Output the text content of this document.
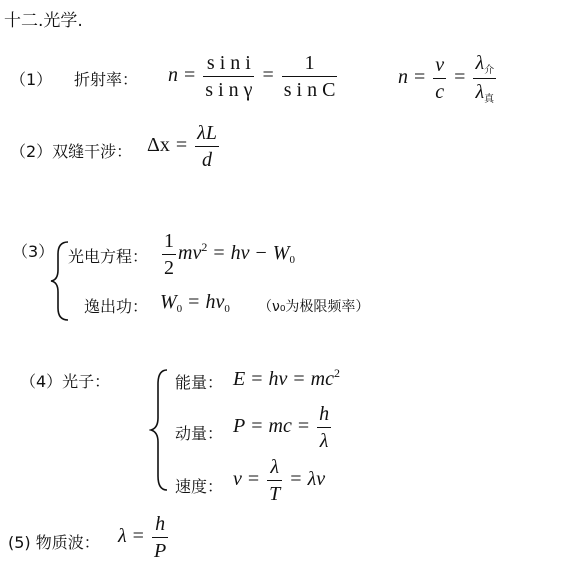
十二.光学.
（1） 折射率： $n = \frac{\text{s i n i}}{\text{s i n γ}} = \frac{1}{\text{s i n C}}$	$n = \frac{v}{c} = \frac{\lambda_介}{\lambda_真}$
（2）双缝干涉： $\Delta x = \frac{\lambda L}{d}$
（3） 光电方程： $\frac{1}{2} mv^2 = h\nu - W_0$
逸出功： $W_0 = h\nu_0$ （ν₀为极限频率）
（4）光子：	能量： $E = h\nu = mc^2$
动量： P = mc = $\frac{h}{\lambda}$
速度： $v = \frac{\lambda}{T} = \lambda\nu$
(5) 物质波： $\lambda = \frac{h}{P}$
